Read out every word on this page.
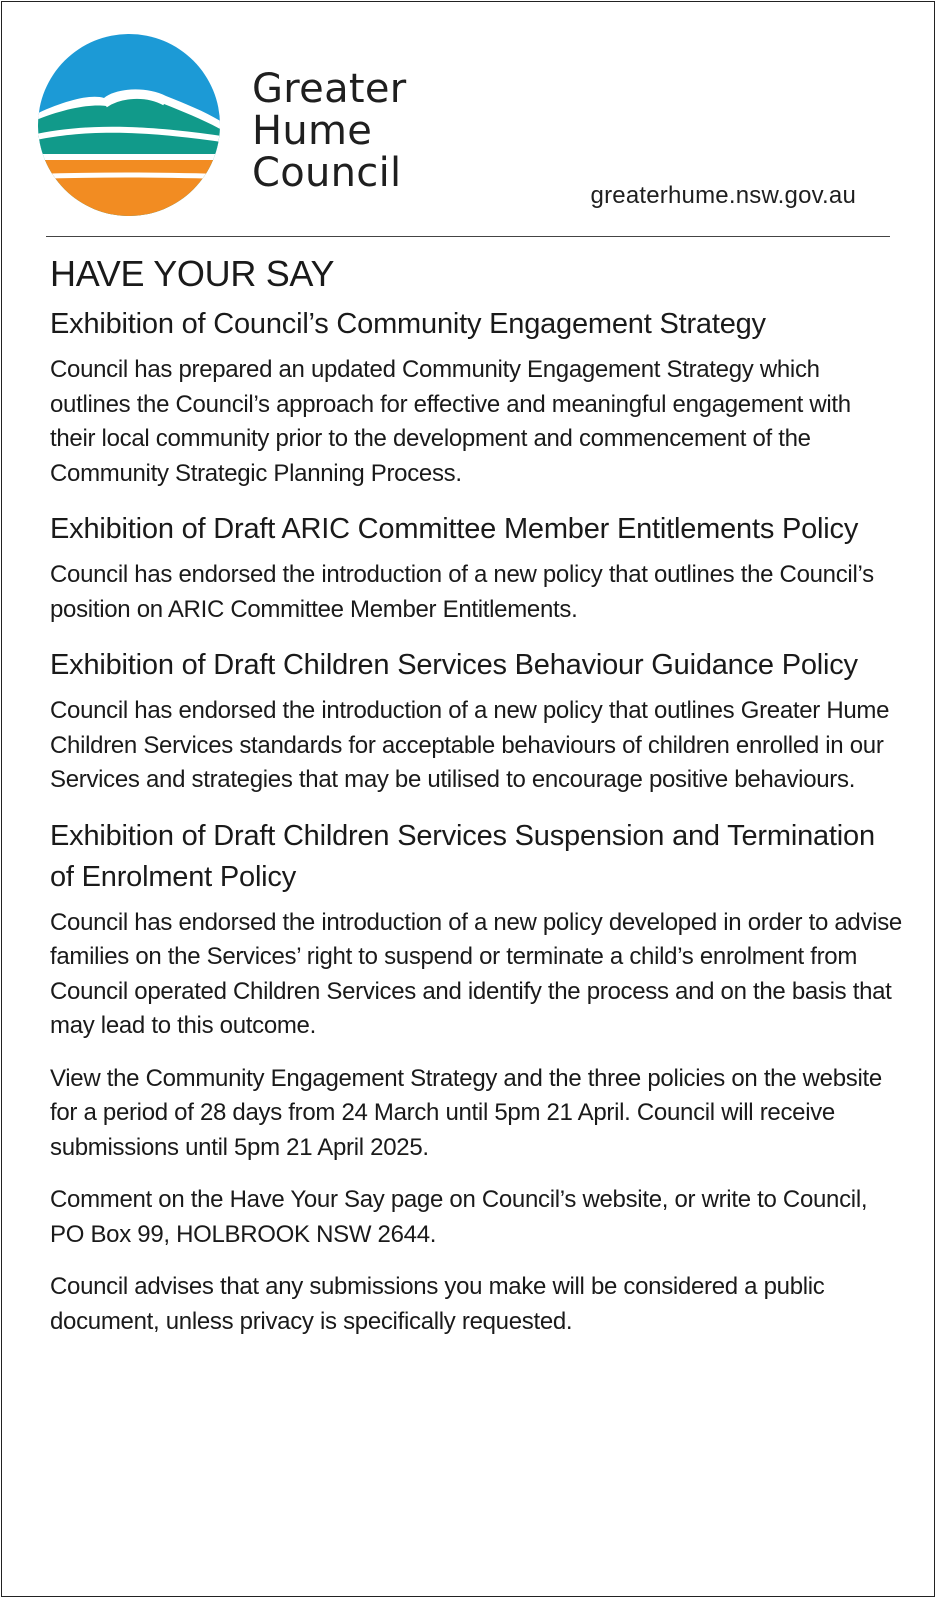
Greater
Hume
Council	greaterhume.nsw.gov.au
HAVE YOUR SAY
Exhibition of Council’s Community Engagement Strategy

Council has prepared an updated Community Engagement Strategy which outlines the Council’s approach for effective and meaningful engagement with their local community prior to the development and commencement of the Community Strategic Planning Process.

Exhibition of Draft ARIC Committee Member Entitlements Policy

Council has endorsed the introduction of a new policy that outlines the Council’s position on ARIC Committee Member Entitlements.

Exhibition of Draft Children Services Behaviour Guidance Policy

Council has endorsed the introduction of a new policy that outlines Greater Hume Children Services standards for acceptable behaviours of children enrolled in our Services and strategies that may be utilised to encourage positive behaviours.

Exhibition of Draft Children Services Suspension and Termination of Enrolment Policy

Council has endorsed the introduction of a new policy developed in order to advise families on the Services’ right to suspend or terminate a child’s enrolment from Council operated Children Services and identify the process and on the basis that may lead to this outcome.

View the Community Engagement Strategy and the three policies on the website for a period of 28 days from 24 March until 5pm 21 April. Council will receive submissions until 5pm 21 April 2025.

Comment on the Have Your Say page on Council’s website, or write to Council, PO Box 99, HOLBROOK NSW 2644.

Council advises that any submissions you make will be considered a public document, unless privacy is specifically requested.
